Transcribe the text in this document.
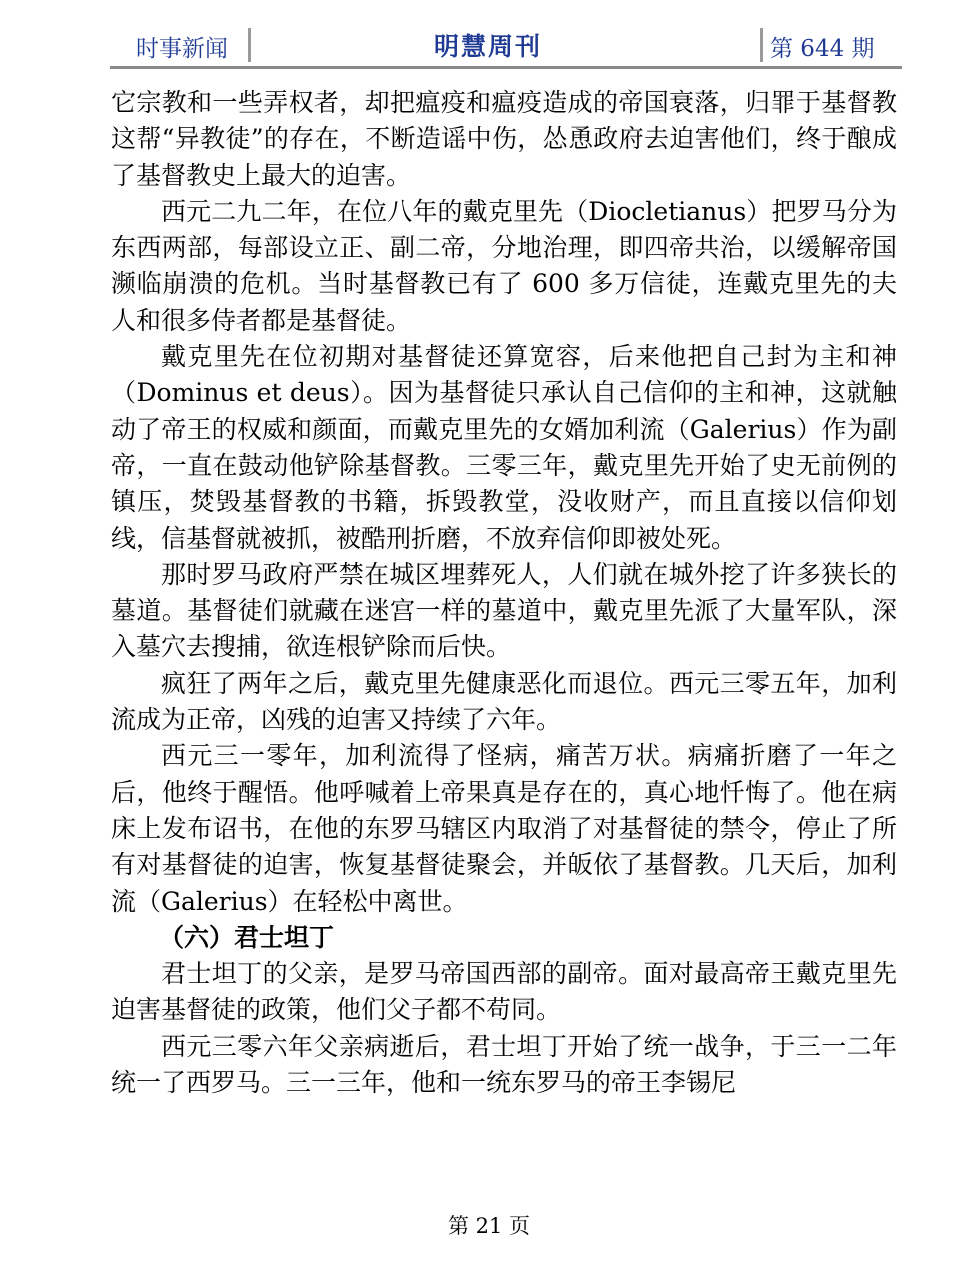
时事新闻	明慧周刊	第 644 期

它宗教和一些弄权者，却把瘟疫和瘟疫造成的帝国衰落，归罪于基督教这帮“异教徒”的存在，不断造谣中伤，怂恿政府去迫害他们，终于酿成了基督教史上最大的迫害。

西元二九二年，在位八年的戴克里先（Diocletianus）把罗马分为东西两部，每部设立正、副二帝，分地治理，即四帝共治，以缓解帝国濒临崩溃的危机。当时基督教已有了 600 多万信徒，连戴克里先的夫人和很多侍者都是基督徒。

戴克里先在位初期对基督徒还算宽容，后来他把自己封为主和神（Dominus et deus）。因为基督徒只承认自己信仰的主和神，这就触动了帝王的权威和颜面，而戴克里先的女婿加利流（Galerius）作为副帝，一直在鼓动他铲除基督教。三零三年，戴克里先开始了史无前例的镇压，焚毁基督教的书籍，拆毁教堂，没收财产，而且直接以信仰划线，信基督就被抓，被酷刑折磨，不放弃信仰即被处死。

那时罗马政府严禁在城区埋葬死人，人们就在城外挖了许多狭长的墓道。基督徒们就藏在迷宫一样的墓道中，戴克里先派了大量军队，深入墓穴去搜捕，欲连根铲除而后快。

疯狂了两年之后，戴克里先健康恶化而退位。西元三零五年，加利流成为正帝，凶残的迫害又持续了六年。

西元三一零年，加利流得了怪病，痛苦万状。病痛折磨了一年之后，他终于醒悟。他呼喊着上帝果真是存在的，真心地忏悔了。他在病床上发布诏书，在他的东罗马辖区内取消了对基督徒的禁令，停止了所有对基督徒的迫害，恢复基督徒聚会，并皈依了基督教。几天后，加利流（Galerius）在轻松中离世。

（六）君士坦丁

君士坦丁的父亲，是罗马帝国西部的副帝。面对最高帝王戴克里先迫害基督徒的政策，他们父子都不苟同。

西元三零六年父亲病逝后，君士坦丁开始了统一战争，于三一二年统一了西罗马。三一三年，他和一统东罗马的帝王李锡尼

第 21 页
